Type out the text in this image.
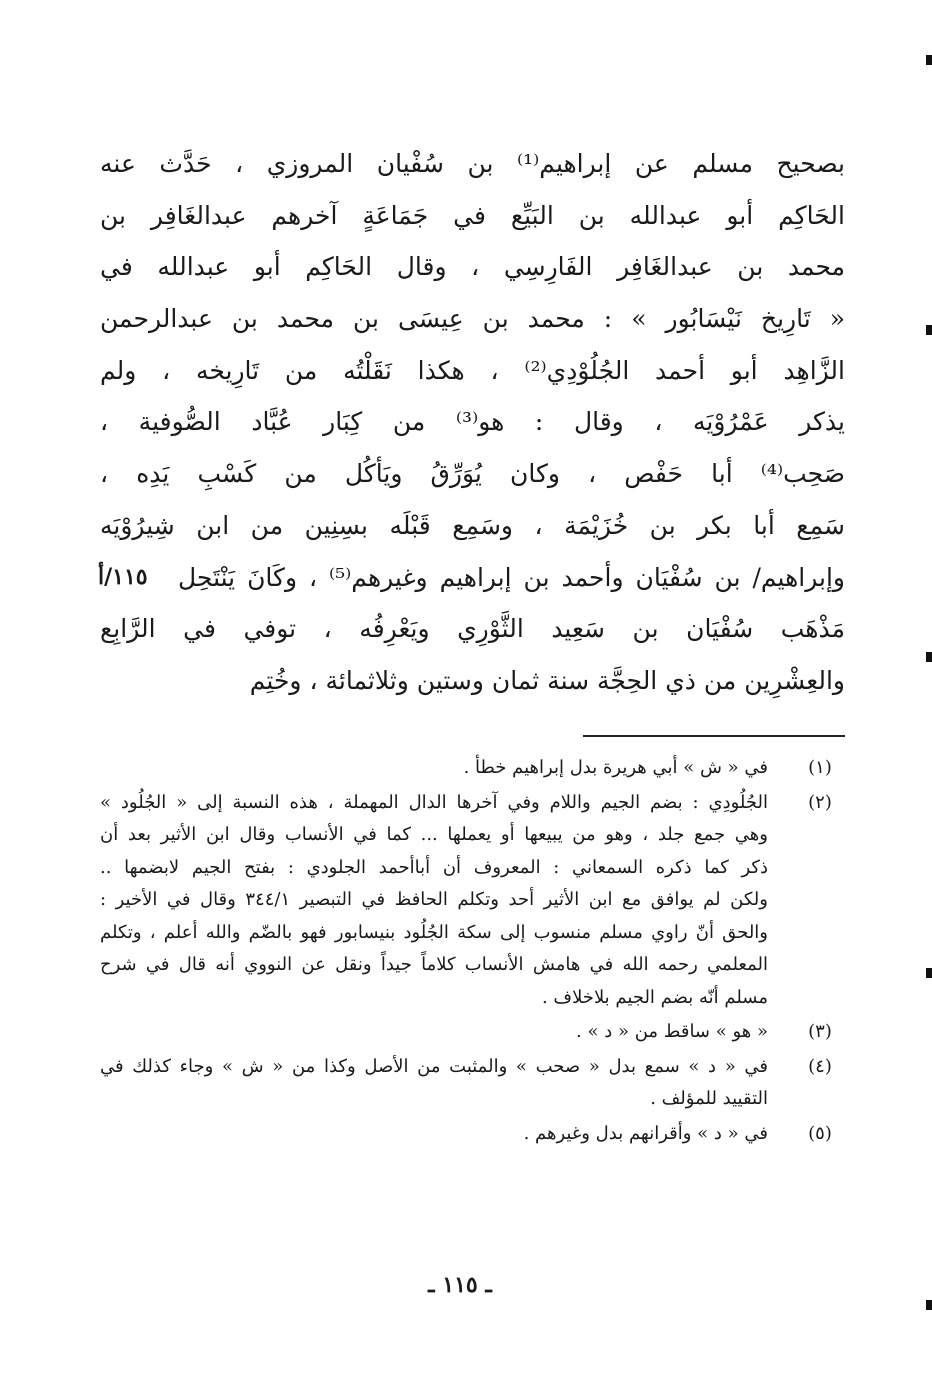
بصحيح مسلم عن إبراهيم⁽¹⁾ بن سُفْيان المروزي ، حَدَّث عنه
الحَاكِم أبو عبدالله بن البَيِّع في جَمَاعَةٍ آخرهم عبدالغَافِر بن
محمد بن عبدالغَافِر الفَارِسِي ، وقال الحَاكِم أبو عبدالله في
« تَارِيخ نَيْسَابُور » : محمد بن عِيسَى بن محمد بن عبدالرحمن
الزَّاهِد أبو أحمد الجُلُوْدِي⁽²⁾ ، هكذا نَقَلْتُه من تَارِيخه ، ولم
يذكر عَمْرُوْيَه ، وقال : هو⁽³⁾ من كِبَار عُبَّاد الصُّوفية ،
صَحِب⁽⁴⁾ أبا حَفْص ، وكان يُوَرِّقُ ويَأكُل من كَسْبِ يَدِه ،
سَمِع أبا بكر بن خُزَيْمَة ، وسَمِع قَبْلَه بسِنِين من ابن شِيرُوْيَه
وإبراهيم/ بن سُفْيَان وأحمد بن إبراهيم وغيرهم⁽⁵⁾ ، وكَانَ يَنْتَحِل
١١٥/أ
مَذْهَب سُفْيَان بن سَعِيد الثَّوْرِي ويَعْرِفُه ، توفي في الرَّابِع
والعِشْرِين من ذي الحِجَّة سنة ثمان وستين وثلاثمائة ، وخُتِم
(١)
في « ش » أبي هريرة بدل إبراهيم خطأ .
(٢)
الجُلُودِي : بضم الجيم واللام وفي آخرها الدال المهملة ، هذه النسبة إلى « الجُلُود »
وهي جمع جلد ، وهو من يبيعها أو يعملها ... كما في الأنساب وقال ابن الأثير بعد أن
ذكر كما ذكره السمعاني : المعروف أن أباأحمد الجلودي : بفتح الجيم لابضمها ..
ولكن لم يوافق مع ابن الأثير أحد وتكلم الحافظ في التبصير ٣٤٤/١ وقال في الأخير :
والحق أنّ راوي مسلم منسوب إلى سكة الجُلُود بنيسابور فهو بالضّم والله أعلم ، وتكلم
المعلمي رحمه الله في هامش الأنساب كلاماً جيداً ونقل عن النووي أنه قال في شرح
مسلم أنّه بضم الجيم بلاخلاف .
(٣)
« هو » ساقط من « د » .
(٤)
في « د » سمع بدل « صحب » والمثبت من الأصل وكذا من « ش » وجاء كذلك في
التقييد للمؤلف .
(٥)
في « د » وأقرانهم بدل وغيرهم .
ـ ١١٥ ـ
